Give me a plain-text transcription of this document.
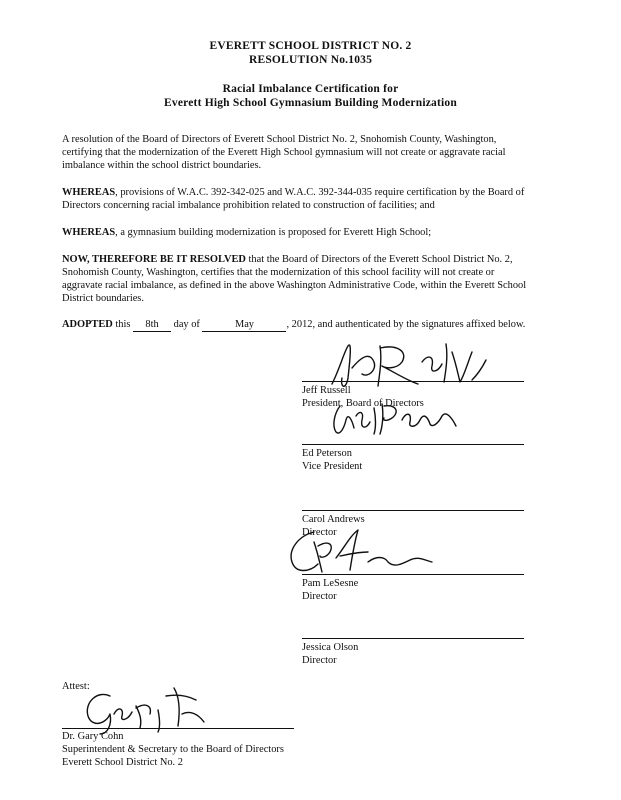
EVERETT SCHOOL DISTRICT NO. 2
RESOLUTION No.1035
Racial Imbalance Certification for
Everett High School Gymnasium Building Modernization
A resolution of the Board of Directors of Everett School District No. 2, Snohomish County, Washington, certifying that the modernization of the Everett High School gymnasium will not create or aggravate racial imbalance within the school district boundaries.
WHEREAS, provisions of W.A.C. 392-342-025 and W.A.C. 392-344-035 require certification by the Board of Directors concerning racial imbalance prohibition related to construction of facilities; and
WHEREAS, a gymnasium building modernization is proposed for Everett High School;
NOW, THEREFORE BE IT RESOLVED that the Board of Directors of the Everett School District No. 2, Snohomish County, Washington, certifies that the modernization of this school facility will not create or aggravate racial imbalance, as defined in the above Washington Administrative Code, within the Everett School District boundaries.
ADOPTED this 8th day of	May	, 2012, and authenticated by the signatures affixed below.
Jeff Russell
President, Board of Directors
Ed Peterson
Vice President
Carol Andrews
Director
Pam LeSesne
Director
Jessica Olson
Director
Attest:
Dr. Gary Cohn
Superintendent & Secretary to the Board of Directors
Everett School District No. 2
